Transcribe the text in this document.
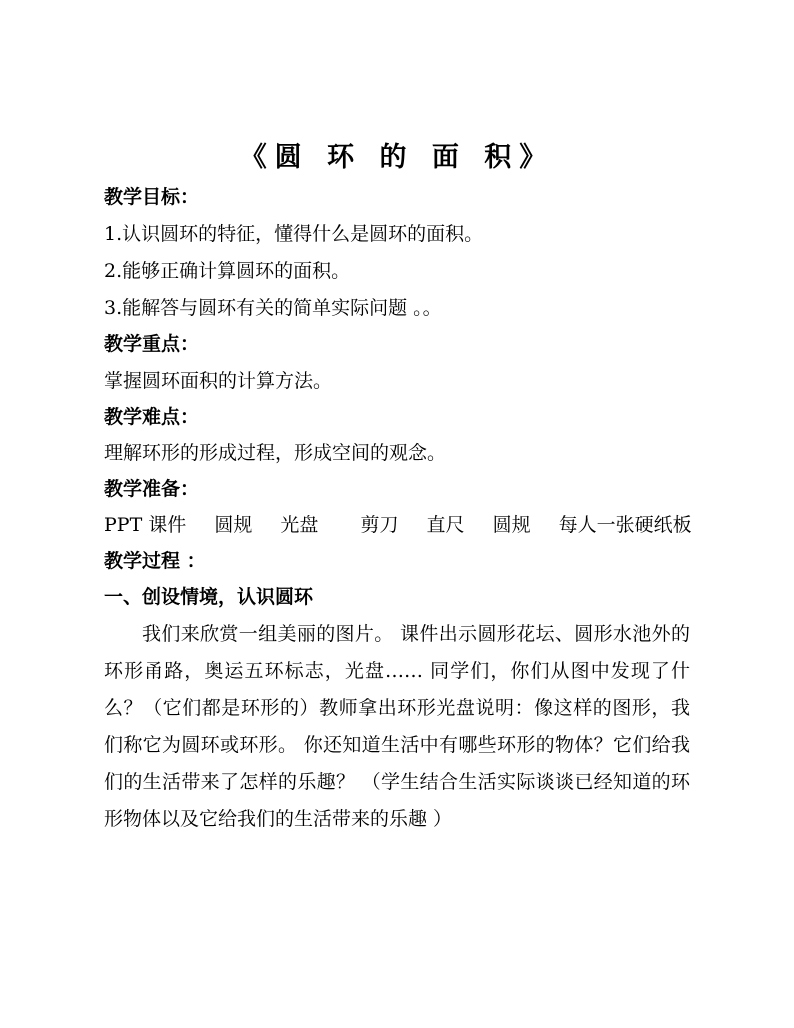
《圆 环 的 面 积》
教学目标：
1.认识圆环的特征，懂得什么是圆环的面积。
2.能够正确计算圆环的面积。
3.能解答与圆环有关的简单实际问题 。。
教学重点：
掌握圆环面积的计算方法。
教学难点：
理解环形的形成过程，形成空间的观念。
教学准备：
PPT 课件 圆规 光盘 剪刀 直尺 圆规 每人一张硬纸板
教学过程 ：
一、创设情境，认识圆环
我们来欣赏一组美丽的图片。 课件出示圆形花坛、圆形水池外的环形甬路，奥运五环标志，光盘…… 同学们，你们从图中发现了什么？（它们都是环形的）教师拿出环形光盘说明：像这样的图形，我们称它为圆环或环形。 你还知道生活中有哪些环形的物体？它们给我们的生活带来了怎样的乐趣？ （学生结合生活实际谈谈已经知道的环形物体以及它给我们的生活带来的乐趣 ）
